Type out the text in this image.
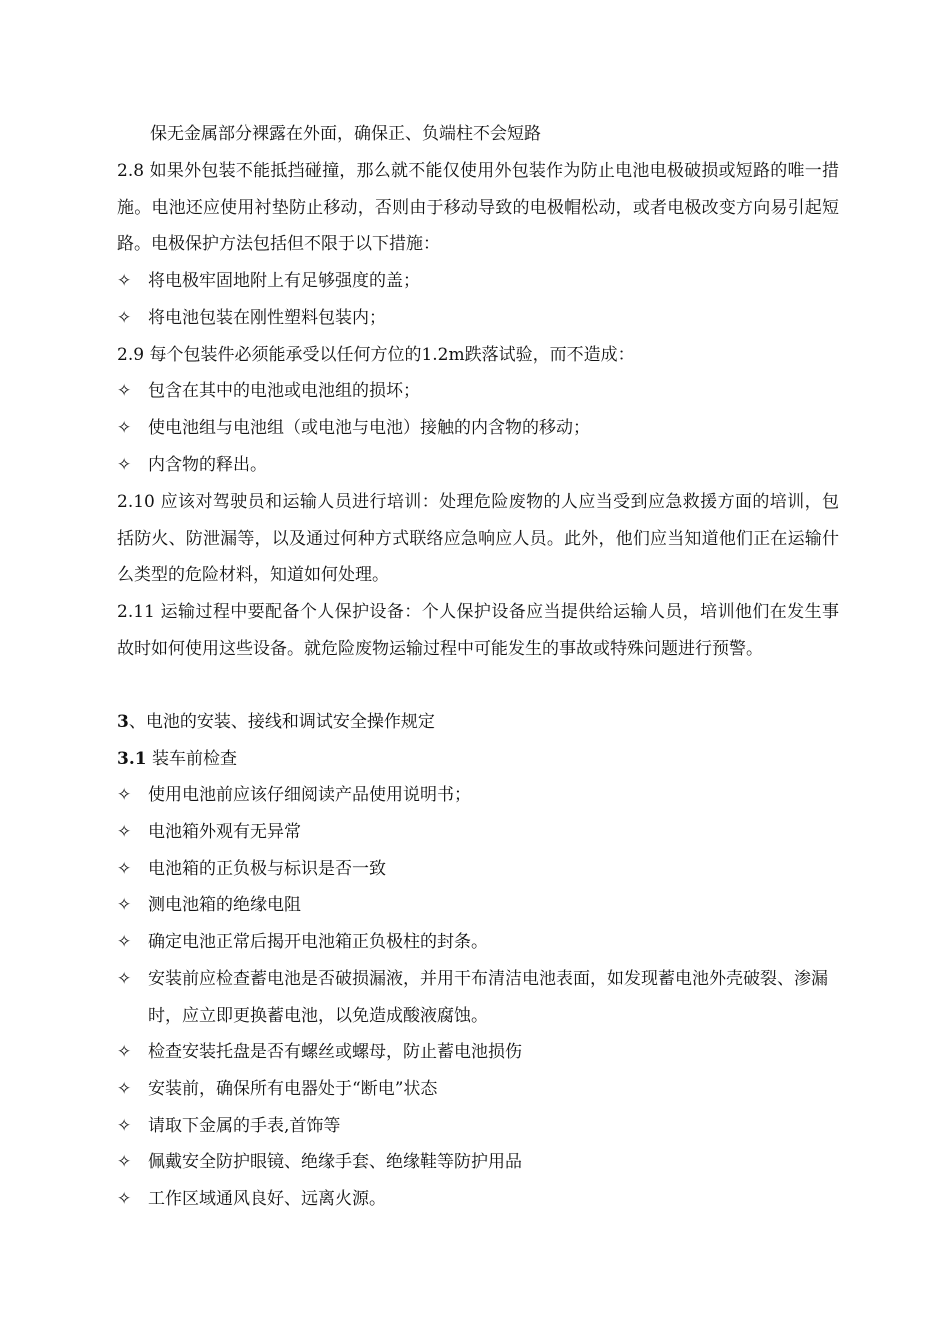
保无金属部分裸露在外面，确保正、负端柱不会短路

2.8 如果外包装不能抵挡碰撞，那么就不能仅使用外包装作为防止电池电极破损或短路的唯一措施。电池还应使用衬垫防止移动，否则由于移动导致的电极帽松动，或者电极改变方向易引起短路。电极保护方法包括但不限于以下措施：

✧ 将电极牢固地附上有足够强度的盖；
✧ 将电池包装在刚性塑料包装内；

2.9 每个包装件必须能承受以任何方位的1.2m跌落试验，而不造成：

✧ 包含在其中的电池或电池组的损坏；
✧ 使电池组与电池组（或电池与电池）接触的内含物的移动；
✧ 内含物的释出。

2.10 应该对驾驶员和运输人员进行培训：处理危险废物的人应当受到应急救援方面的培训，包括防火、防泄漏等，以及通过何种方式联络应急响应人员。此外，他们应当知道他们正在运输什么类型的危险材料，知道如何处理。

2.11 运输过程中要配备个人保护设备：个人保护设备应当提供给运输人员，培训他们在发生事故时如何使用这些设备。就危险废物运输过程中可能发生的事故或特殊问题进行预警。

3、电池的安装、接线和调试安全操作规定

3.1 装车前检查

✧ 使用电池前应该仔细阅读产品使用说明书；
✧ 电池箱外观有无异常
✧ 电池箱的正负极与标识是否一致
✧ 测电池箱的绝缘电阻
✧ 确定电池正常后揭开电池箱正负极柱的封条。
✧ 安装前应检查蓄电池是否破损漏液，并用干布清洁电池表面，如发现蓄电池外壳破裂、渗漏时，应立即更换蓄电池，以免造成酸液腐蚀。
✧ 检查安装托盘是否有螺丝或螺母，防止蓄电池损伤
✧ 安装前，确保所有电器处于“断电”状态
✧ 请取下金属的手表,首饰等
✧ 佩戴安全防护眼镜、绝缘手套、绝缘鞋等防护用品
✧ 工作区域通风良好、远离火源。
